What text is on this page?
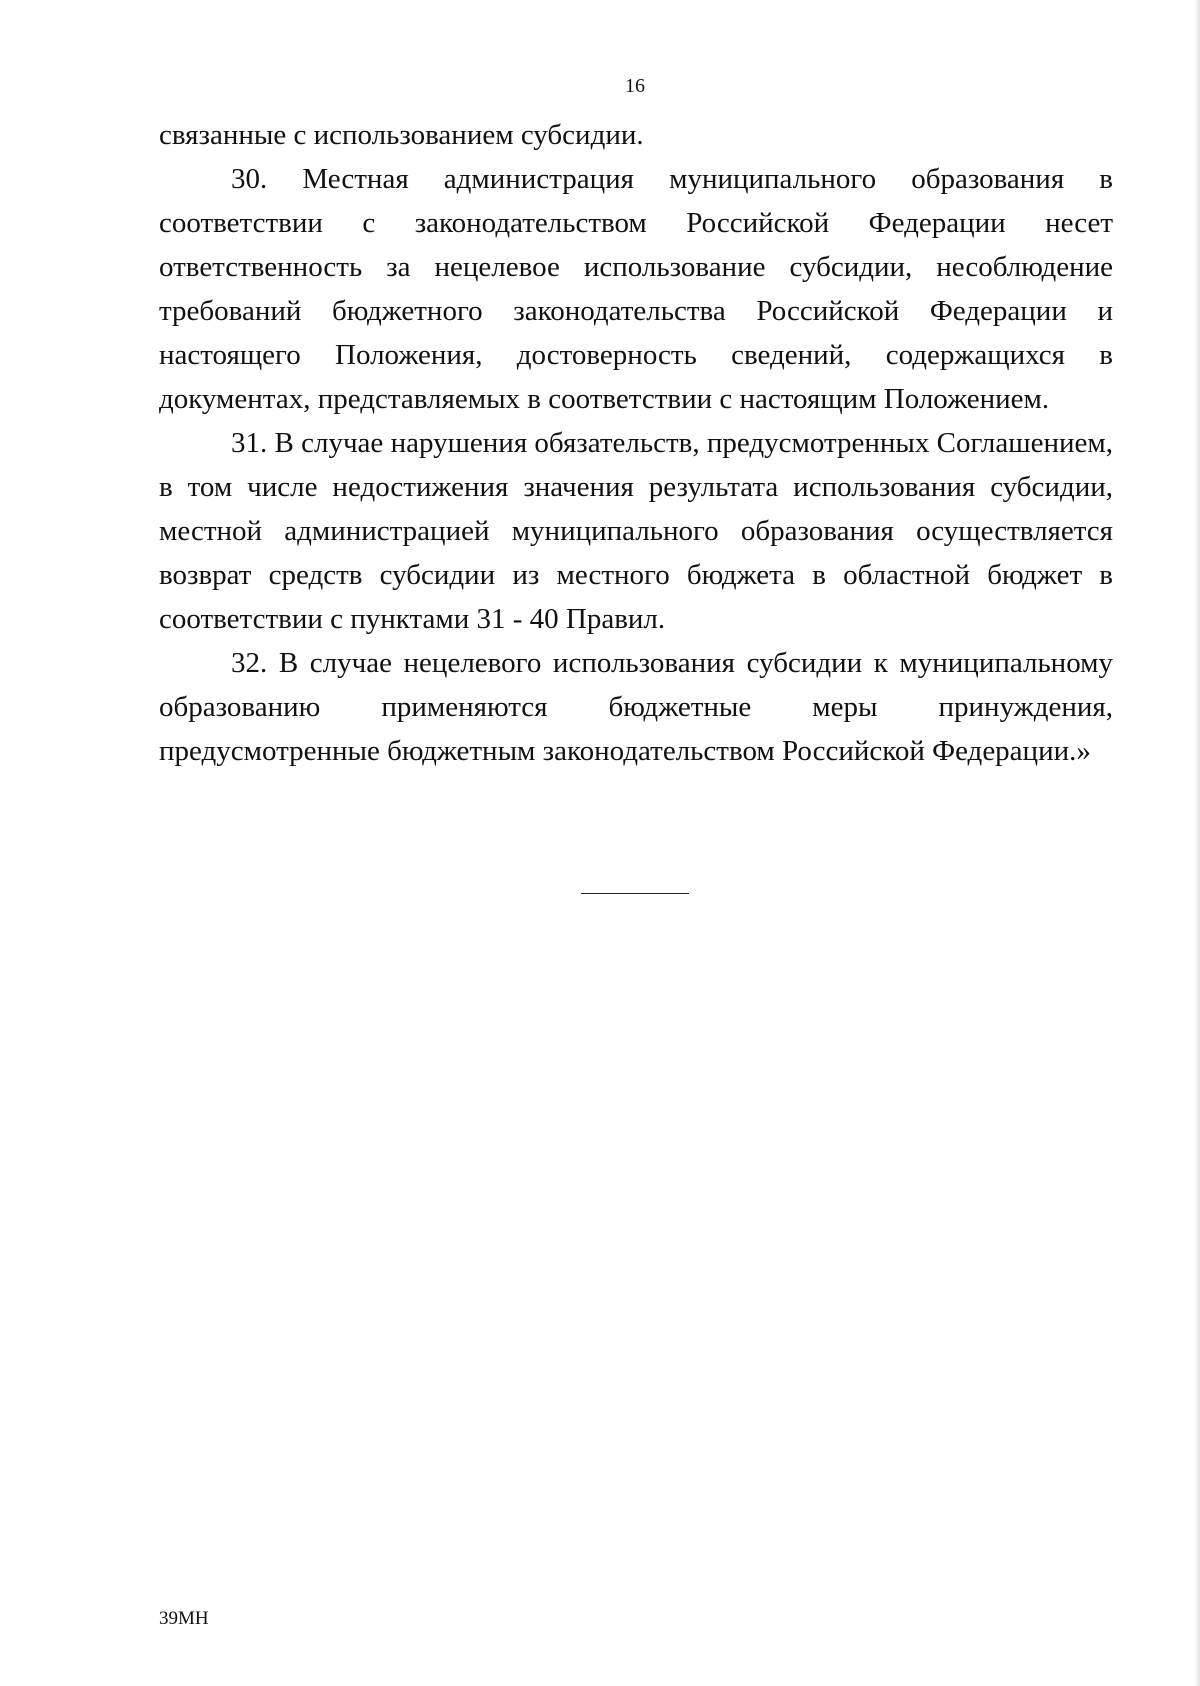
16

связанные с использованием субсидии.

30. Местная администрация муниципального образования в соответствии с законодательством Российской Федерации несет ответственность за нецелевое использование субсидии, несоблюдение требований бюджетного законодательства Российской Федерации и настоящего Положения, достоверность сведений, содержащихся в документах, представляемых в соответствии с настоящим Положением.

31. В случае нарушения обязательств, предусмотренных Соглашением, в том числе недостижения значения результата использования субсидии, местной администрацией муниципального образования осуществляется возврат средств субсидии из местного бюджета в областной бюджет в соответствии с пунктами 31 - 40 Правил.

32. В случае нецелевого использования субсидии к муниципальному образованию применяются бюджетные меры принуждения, предусмотренные бюджетным законодательством Российской Федерации.»

39МН
